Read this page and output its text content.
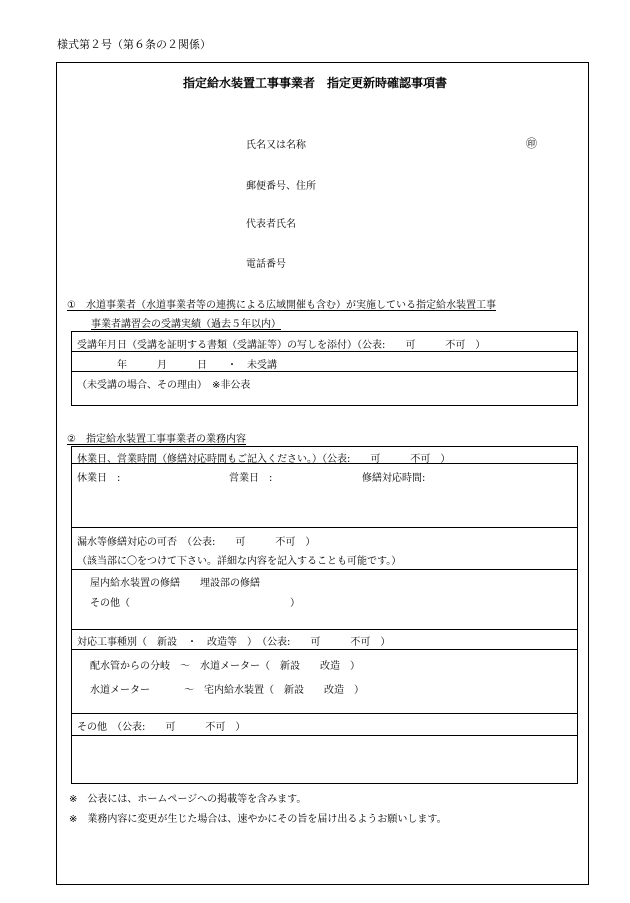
様式第２号（第６条の２関係）
指定給水装置工事事業者　指定更新時確認事項書
氏名又は名称	㊞
郵便番号、住所
代表者氏名
電話番号
①　水道事業者（水道事業者等の連携による広域開催も含む）が実施している指定給水装置工事
事業者講習会の受講実績（過去５年以内）
受講年月日（受講を証明する書類（受講証等）の写しを添付）（公表:　　可　　　不可　）
年　　　月　　　日　　・　未受講
（未受講の場合、その理由）　※非公表
②　指定給水装置工事事業者の業務内容
休業日、営業時間（修繕対応時間もご記入ください。）（公表:　　可　　　不可　）
休業日　:	営業日　:	修繕対応時間:
漏水等修繕対応の可否　（公表:　　可　　　不可　）
（該当部に〇をつけて下さい。詳細な内容を記入することも可能です。）
屋内給水装置の修繕　　埋設部の修繕
その他（　　　　　　　　　　　　　　　　）
対応工事種別（　新設　・　改造等　）　（公表:　　可　　　不可　）
配水管からの分岐　～　水道メーター（　新設　　改造　）
水道メーター	～　宅内給水装置（　新設　　改造　）
その他　（公表:　　可　　　不可　）
※　公表には、ホームページへの掲載等を含みます。
※　業務内容に変更が生じた場合は、速やかにその旨を届け出るようお願いします。
